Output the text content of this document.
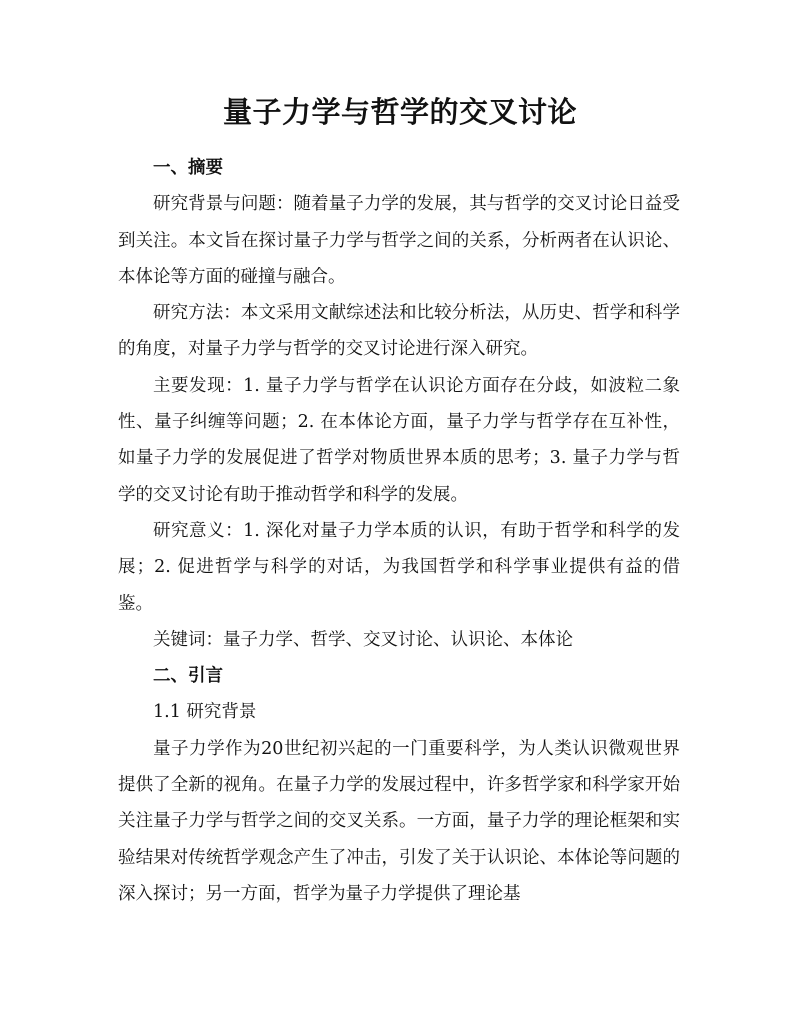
量子力学与哲学的交叉讨论
一、摘要

研究背景与问题：随着量子力学的发展，其与哲学的交叉讨论日益受到关注。本文旨在探讨量子力学与哲学之间的关系，分析两者在认识论、本体论等方面的碰撞与融合。

研究方法：本文采用文献综述法和比较分析法，从历史、哲学和科学的角度，对量子力学与哲学的交叉讨论进行深入研究。

主要发现：1. 量子力学与哲学在认识论方面存在分歧，如波粒二象性、量子纠缠等问题；2. 在本体论方面，量子力学与哲学存在互补性，如量子力学的发展促进了哲学对物质世界本质的思考；3. 量子力学与哲学的交叉讨论有助于推动哲学和科学的发展。

研究意义：1. 深化对量子力学本质的认识，有助于哲学和科学的发展；2. 促进哲学与科学的对话，为我国哲学和科学事业提供有益的借鉴。

关键词：量子力学、哲学、交叉讨论、认识论、本体论

二、引言
1.1 研究背景

量子力学作为20世纪初兴起的一门重要科学，为人类认识微观世界提供了全新的视角。在量子力学的发展过程中，许多哲学家和科学家开始关注量子力学与哲学之间的交叉关系。一方面，量子力学的理论框架和实验结果对传统哲学观念产生了冲击，引发了关于认识论、本体论等问题的深入探讨；另一方面，哲学为量子力学提供了理论基
